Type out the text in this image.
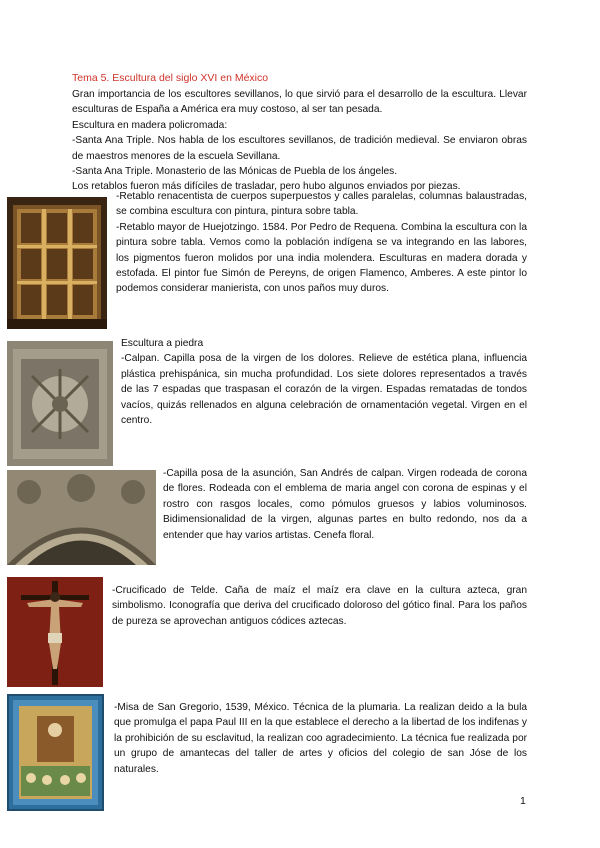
Tema 5. Escultura del siglo XVI en México

Gran importancia de los escultores sevillanos, lo que sirvió para el desarrollo de la escultura. Llevar esculturas de España a América era muy costoso, al ser tan pesada.

Escultura en madera policromada:

-Santa Ana Triple. Nos habla de los escultores sevillanos, de tradición medieval. Se enviaron obras de maestros menores de la escuela Sevillana.

-Santa Ana Triple. Monasterio de las Mónicas de Puebla de los ángeles.

Los retablos fueron más difíciles de trasladar, pero hubo algunos enviados por piezas.

-Retablo renacentista de cuerpos superpuestos y calles paralelas, columnas balaustradas, se combina escultura con pintura, pintura sobre tabla.

-Retablo mayor de Huejotzingo. 1584. Por Pedro de Requena. Combina la escultura con la pintura sobre tabla. Vemos como la población indígena se va integrando en las labores, los pigmentos fueron molidos por una india molendera. Esculturas en madera dorada y estofada. El pintor fue Simón de Pereyns, de origen Flamenco, Amberes. A este pintor lo podemos considerar manierista, con unos paños muy duros.

Escultura a piedra

-Calpan. Capilla posa de la virgen de los dolores. Relieve de estética plana, influencia plástica prehispánica, sin mucha profundidad. Los siete dolores representados a través de las 7 espadas que traspasan el corazón de la virgen. Espadas rematadas de tondos vacíos, quizás rellenados en alguna celebración de ornamentación vegetal. Virgen en el centro.

-Capilla posa de la asunción, San Andrés de calpan. Virgen rodeada de corona de flores. Rodeada con el emblema de maria angel con corona de espinas y el rostro con rasgos locales, como pómulos gruesos y labios voluminosos. Bidimensionalidad de la virgen, algunas partes en bulto redondo, nos da a entender que hay varios artistas. Cenefa floral.

-Crucificado de Telde. Caña de maíz el maíz era clave en la cultura azteca, gran simbolismo. Iconografía que deriva del crucificado doloroso del gótico final. Para los paños de pureza se aprovechan antiguos códices aztecas.

-Misa de San Gregorio, 1539, México. Técnica de la plumaria. La realizan deido a la bula que promulga el papa Paul III en la que establece el derecho a la libertad de los indifenas y la prohibición de su esclavitud, la realizan coo agradecimiento. La técnica fue realizada por un grupo de amantecas del taller de artes y oficios del colegio de san Jóse de los naturales.

1
